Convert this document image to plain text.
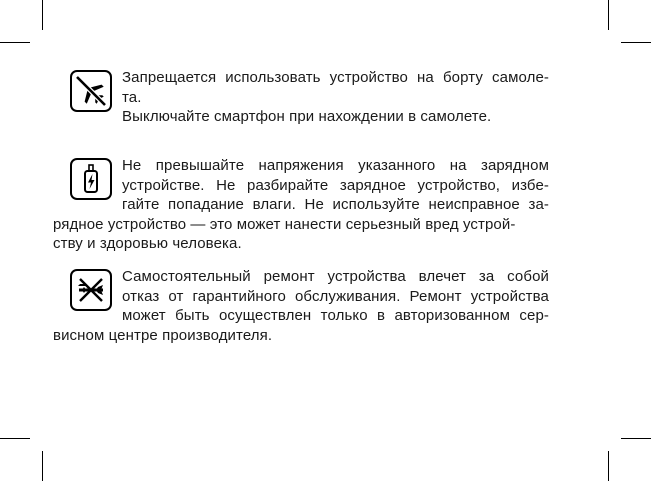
Запрещается использовать устройство на борту самоле-
та.
Выключайте смартфон при нахождении в самолете.
Не превышайте напряжения указанного на зарядном
устройстве. Не разбирайте зарядное устройство, избе-
гайте попадание влаги. Не используйте неисправное за-
рядное устройство — это может нанести серьезный вред устрой-
ству и здоровью человека.
Самостоятельный ремонт устройства влечет за собой
отказ от гарантийного обслуживания. Ремонт устройства
может быть осуществлен только в авторизованном сер-
висном центре производителя.
